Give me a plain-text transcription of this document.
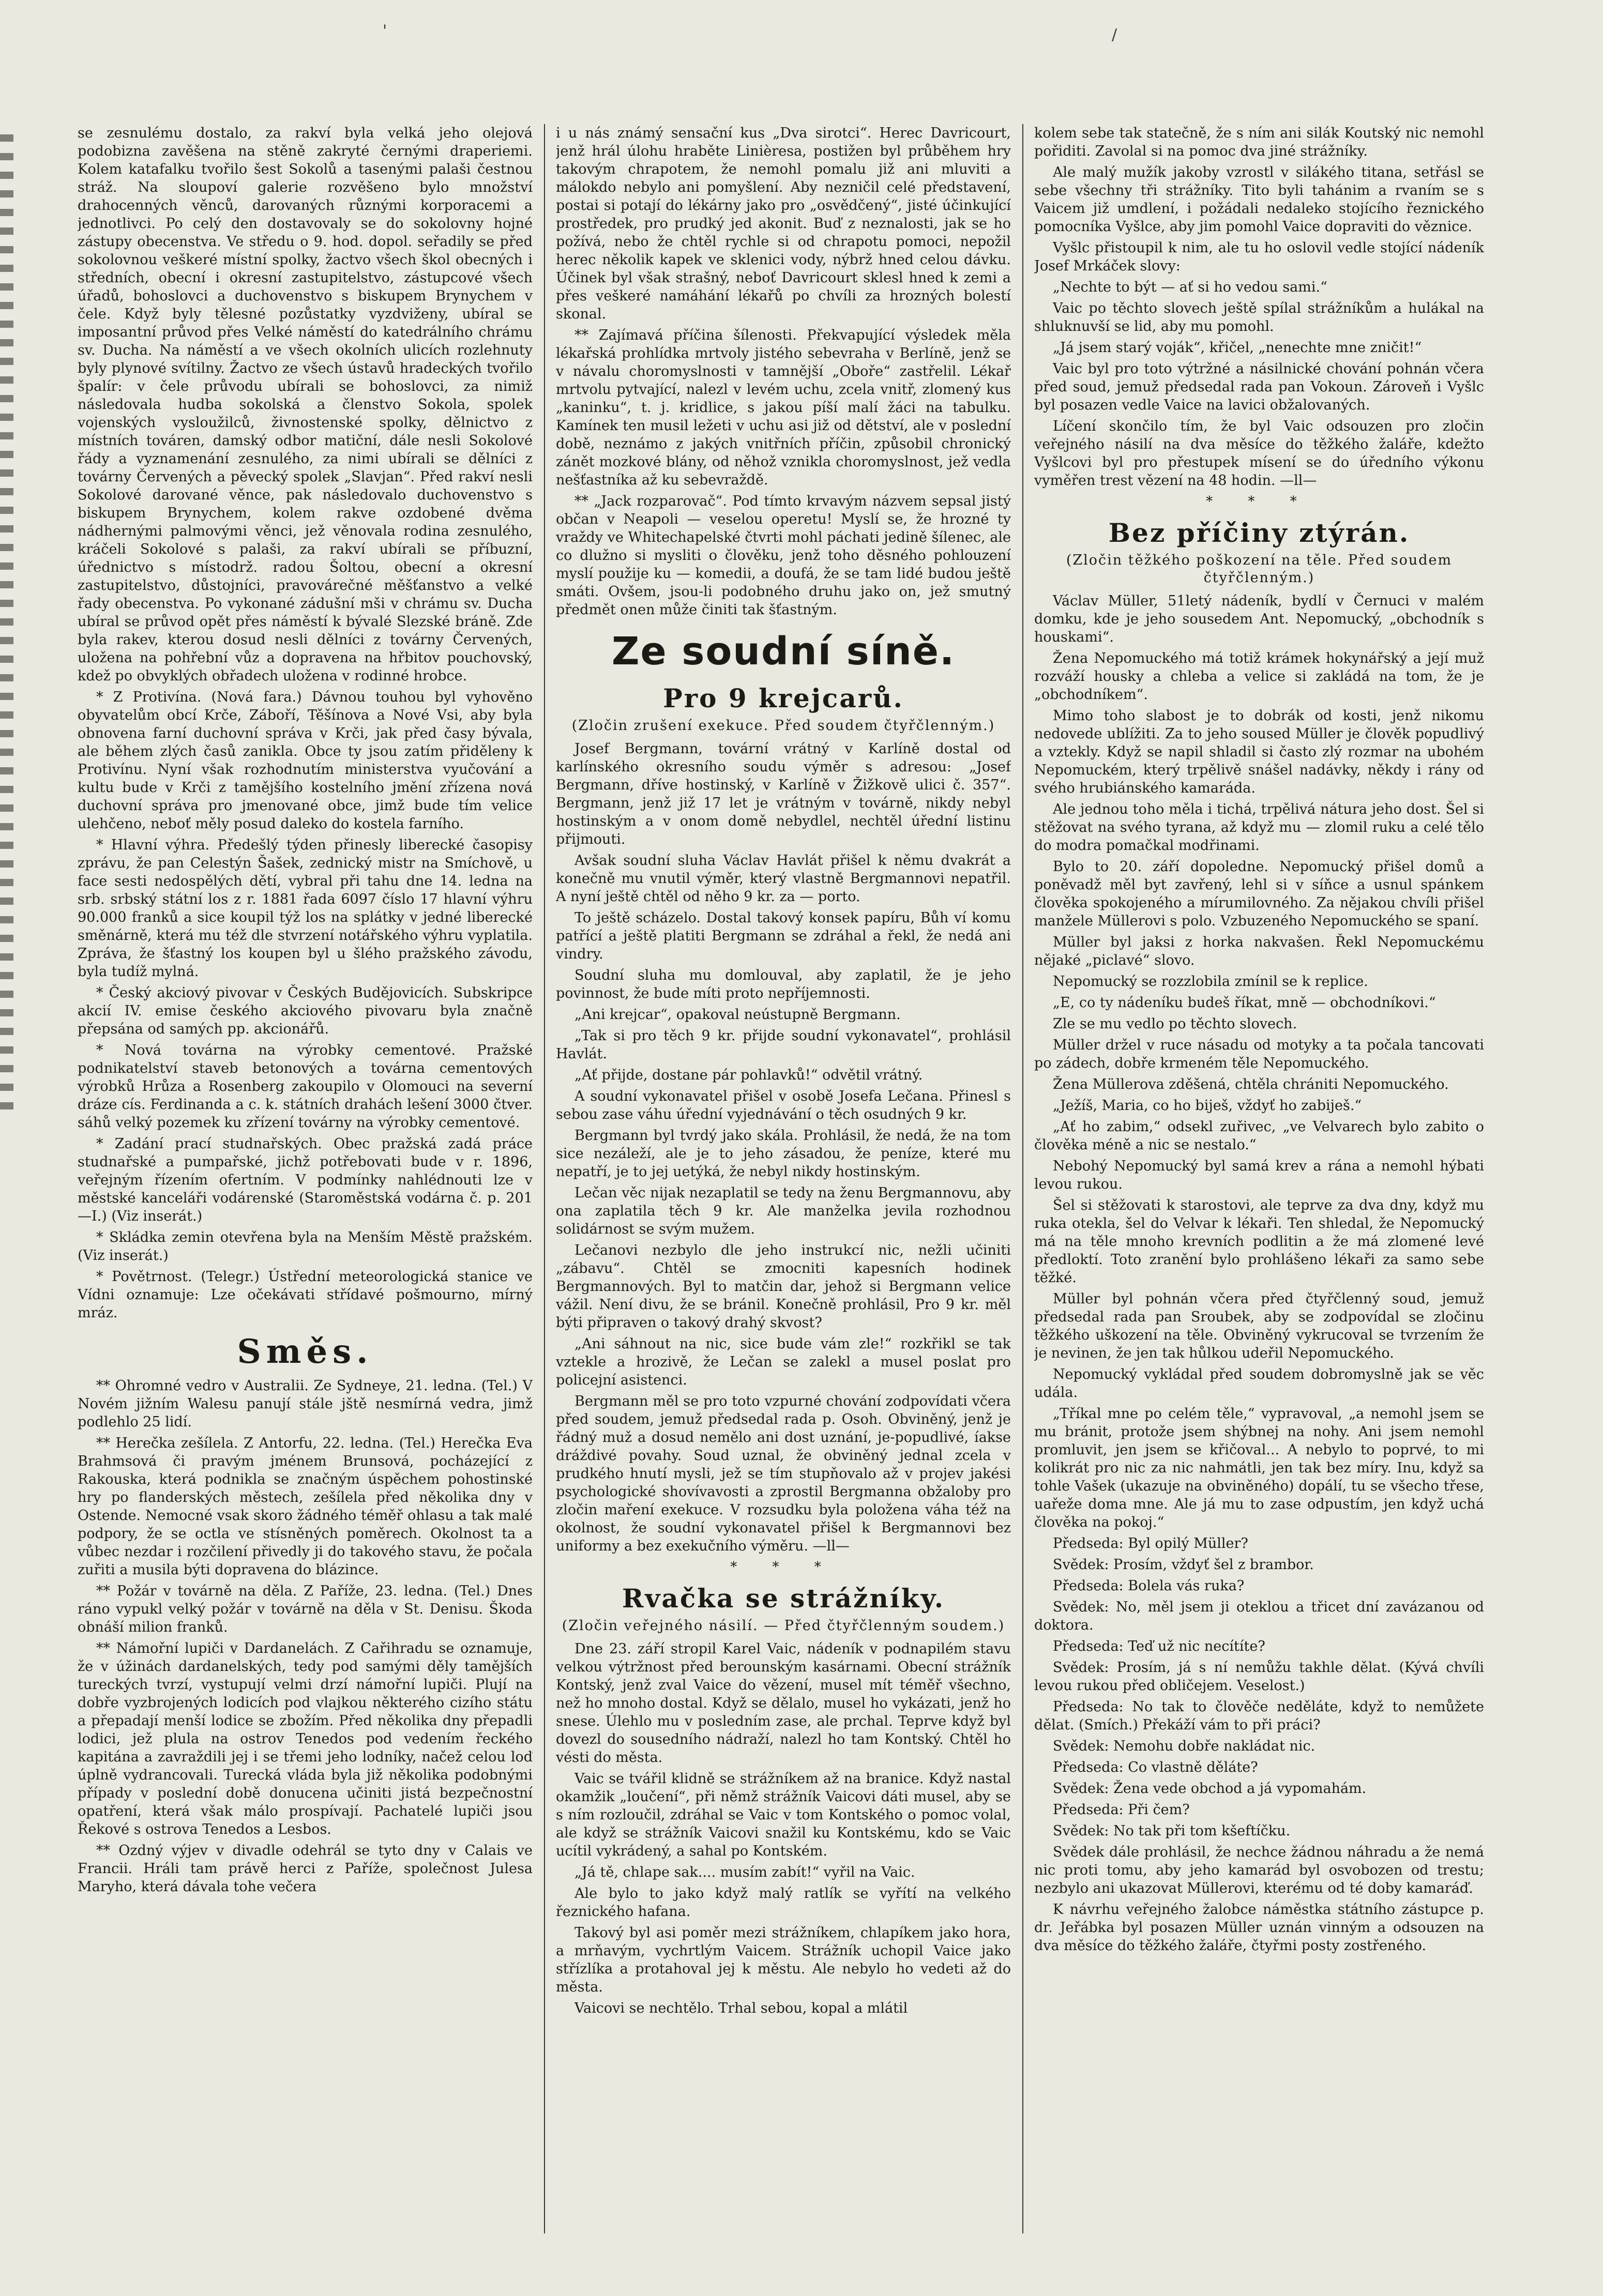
'	/

se zesnulému dostalo, za rakví byla velká jeho olejová podobizna zavěšena na stěně zakryté černými draperiemi. Kolem katafalku tvořilo šest Sokolů a tasenými palaši čestnou stráž. Na sloupoví galerie rozvěšeno bylo množství drahocenných věnců, darovaných různými korporacemi a jednotlivci. Po celý den dostavovaly se do sokolovny hojné zástupy obecenstva. Ve středu o 9. hod. dopol. seřadily se před sokolovnou veškeré místní spolky, žactvo všech škol obecných i středních, obecní i okresní zastupitelstvo, zástupcové všech úřadů, bohoslovci a duchovenstvo s biskupem Brynychem v čele. Když byly tělesné pozůstatky vyzdviženy, ubíral se imposantní průvod přes Velké náměstí do katedrálního chrámu sv. Ducha. Na náměstí a ve všech okolních ulicích rozlehnuty byly plynové svítilny. Žactvo ze všech ústavů hradeckých tvořilo špalír: v čele průvodu ubírali se bohoslovci, za nimiž následovala hudba sokolská a členstvo Sokola, spolek vojenských vysloužilců, živnostenské spolky, dělnictvo z místních továren, damský odbor matiční, dále nesli Sokolové řády a vyznamenání zesnulého, za nimi ubírali se dělníci z továrny Červených a pěvecký spolek „Slavjan“. Před rakví nesli Sokolové darované věnce, pak následovalo duchovenstvo s biskupem Brynychem, kolem rakve ozdobené dvěma nádhernými palmovými věnci, jež věnovala rodina zesnulého, kráčeli Sokolové s palaši, za rakví ubírali se příbuzní, úřednictvo s místodrž. radou Šoltou, obecní a okresní zastupitelstvo, důstojníci, pravovárečné měšťanstvo a velké řady obecenstva. Po vykonané zádušní mši v chrámu sv. Ducha ubíral se průvod opět přes náměstí k bývalé Slezské bráně. Zde byla rakev, kterou dosud nesli dělníci z továrny Červených, uložena na pohřební vůz a dopravena na hřbitov pouchovský, kdež po obvyklých obřadech uložena v rodinné hrobce.

* Z Protivína. (Nová fara.) Dávnou touhou byl vyhověno obyvatelům obcí Krče, Záboří, Těšínova a Nové Vsi, aby byla obnovena farní duchovní správa v Krči, jak před časy bývala, ale během zlých časů zanikla. Obce ty jsou zatím přiděleny k Protivínu. Nyní však rozhodnutím ministerstva vyučování a kultu bude v Krči z tamějšího kostelního jmění zřízena nová duchovní správa pro jmenované obce, jimž bude tím velice ulehčeno, neboť měly posud daleko do kostela farního.

* Hlavní výhra. Předešlý týden přinesly liberecké časopisy zprávu, že pan Celestýn Šašek, zednický mistr na Smíchově, u face sesti nedospělých dětí, vybral při tahu dne 14. ledna na srb. srbský státní los z r. 1881 řada 6097 číslo 17 hlavní výhru 90.000 franků a sice koupil týž los na splátky v jedné liberecké směnárně, která mu též dle stvrzení notářského výhru vyplatila. Zpráva, že šťastný los koupen byl u šlého pražského závodu, byla tudíž mylná.

* Český akciový pivovar v Českých Budějovicích. Subskripce akcií IV. emise českého akciového pivovaru byla značně přepsána od samých pp. akcionářů.

* Nová továrna na výrobky cementové. Pražské podnikatelství staveb betonových a továrna cementových výrobků Hrůza a Rosenberg zakoupilo v Olomouci na severní dráze cís. Ferdinanda a c. k. státních drahách lešení 3000 čtver. sáhů velký pozemek ku zřízení továrny na výrobky cementové.

* Zadání prací studnařských. Obec pražská zadá práce studnařské a pumpařské, jichž potřebovati bude v r. 1896, veřejným řízením ofertním. V podmínky nahlédnouti lze v městské kanceláři vodárenské (Staroměstská vodárna č. p. 201—I.) (Viz inserát.)

* Skládka zemin otevřena byla na Menším Městě pražském. (Viz inserát.)

* Povětrnost. (Telegr.) Ústřední meteorologická stanice ve Vídni oznamuje: Lze očekávati střídavé pošmourno, mírný mráz.

Směs.

** Ohromné vedro v Australii. Ze Sydneye, 21. ledna. (Tel.) V Novém jižním Walesu panují stále jště nesmírná vedra, jimž podlehlo 25 lidí.

** Herečka zešílela. Z Antorfu, 22. ledna. (Tel.) Herečka Eva Brahmsová či pravým jménem Brunsová, pocházející z Rakouska, která podnikla se značným úspěchem pohostinské hry po flanderských městech, zešílela před několika dny v Ostende. Nemocné vsak skoro žádného téměř ohlasu a tak malé podpory, že se octla ve stísněných poměrech. Okolnost ta a vůbec nezdar i rozčilení přivedly ji do takového stavu, že počala zuřiti a musila býti dopravena do blázince.

** Požár v továrně na děla. Z Paříže, 23. ledna. (Tel.) Dnes ráno vypukl velký požár v továrně na děla v St. Denisu. Škoda obnáší milion franků.

** Námořní lupiči v Dardanelách. Z Cařihradu se oznamuje, že v úžinách dardanelských, tedy pod samými děly tamějších tureckých tvrzí, vystupují velmi drzí námořní lupiči. Plují na dobře vyzbrojených lodicích pod vlajkou některého cizího státu a přepadají menší lodice se zbožím. Před několika dny přepadli lodici, jež plula na ostrov Tenedos pod vedením řeckého kapitána a zavraždili jej i se třemi jeho lodníky, načež celou loď úplně vydrancovali. Turecká vláda byla již několika podobnými případy v poslední době donucena učiniti jistá bezpečnostní opatření, která však málo prospívají. Pachatelé lupiči jsou Řekové s ostrova Tenedos a Lesbos.

** Ozdný výjev v divadle odehrál se tyto dny v Calais ve Francii. Hráli tam právě herci z Paříže, společnost Julesa Maryho, která dávala tohe večera

i u nás známý sensační kus „Dva sirotci“. Herec Davricourt, jenž hrál úlohu hraběte Linièresa, postižen byl průběhem hry takovým chrapotem, že nemohl pomalu již ani mluviti a málokdo nebylo ani pomyšlení. Aby nezničil celé představení, postai si potají do lékárny jako pro „osvědčený“, jisté účinkující prostředek, pro prudký jed akonit. Buď z neznalosti, jak se ho požívá, nebo že chtěl rychle si od chrapotu pomoci, nepožil herec několik kapek ve sklenici vody, nýbrž hned celou dávku. Účinek byl však strašný, neboť Davricourt sklesl hned k zemi a přes veškeré namáhání lékařů po chvíli za hrozných bolestí skonal.

** Zajímavá příčina šílenosti. Překvapující výsledek měla lékařská prohlídka mrtvoly jistého sebevraha v Berlíně, jenž se v návalu choromyslnosti v tamnější „Oboře“ zastřelil. Lékař mrtvolu pytvající, nalezl v levém uchu, zcela vnitř, zlomený kus „kaninku“, t. j. kridlice, s jakou píší malí žáci na tabulku. Kamínek ten musil ležeti v uchu asi již od dětství, ale v poslední době, neznámo z jakých vnitřních příčin, způsobil chronický zánět mozkové blány, od něhož vznikla choromyslnost, jež vedla nešťastníka až ku sebevraždě.

** „Jack rozparovač“. Pod tímto krvavým názvem sepsal jistý občan v Neapoli — veselou operetu! Myslí se, že hrozné ty vraždy ve Whitechapelské čtvrti mohl páchati jedině šílenec, ale co dlužno si mysliti o člověku, jenž toho děsného pohlouzení myslí použije ku — komedii, a doufá, že se tam lidé budou ještě smáti. Ovšem, jsou-li podobného druhu jako on, jež smutný předmět onen může činiti tak šťastným.

Ze soudní síně.
Pro 9 krejcarů.
(Zločin zrušení exekuce. Před soudem čtyřčlenným.)

Josef Bergmann, tovární vrátný v Karlíně dostal od karlínského okresního soudu výměr s adresou: „Josef Bergmann, dříve hostinský, v Karlíně v Žižkově ulici č. 357“. Bergmann, jenž již 17 let je vrátným v továrně, nikdy nebyl hostinským a v onom domě nebydlel, nechtěl úřední listinu přijmouti.

Avšak soudní sluha Václav Havlát přišel k němu dvakrát a konečně mu vnutil výměr, který vlastně Bergmannovi nepatřil. A nyní ještě chtěl od něho 9 kr. za — porto.

To ještě scházelo. Dostal takový konsek papíru, Bůh ví komu patřící a ještě platiti Bergmann se zdráhal a řekl, že nedá ani vindry.

Soudní sluha mu domlouval, aby zaplatil, že je jeho povinnost, že bude míti proto nepříjemnosti.

„Ani krejcar“, opakoval neústupně Bergmann.

„Tak si pro těch 9 kr. přijde soudní vykonavatel“, prohlásil Havlát.

„Ať přijde, dostane pár pohlavků!“ odvětil vrátný.

A soudní vykonavatel přišel v osobě Josefa Lečana. Přinesl s sebou zase váhu úřední vyjednávání o těch osudných 9 kr.

Bergmann byl tvrdý jako skála. Prohlásil, že nedá, že na tom sice nezáleží, ale je to jeho zásadou, že peníze, které mu nepatří, je to jej uetýká, že nebyl nikdy hostinským.

Lečan věc nijak nezaplatil se tedy na ženu Bergmannovu, aby ona zaplatila těch 9 kr. Ale manželka jevila rozhodnou solidárnost se svým mužem.

Lečanovi nezbylo dle jeho instrukcí nic, nežli učiniti „zábavu“. Chtěl se zmocniti kapesních hodinek Bergmannových. Byl to matčin dar, jehož si Bergmann velice vážil. Není divu, že se bránil. Konečně prohlásil, Pro 9 kr. měl býti připraven o takový drahý skvost?

„Ani sáhnout na nic, sice bude vám zle!“ rozkřikl se tak vztekle a hrozivě, že Lečan se zalekl a musel poslat pro policejní asistenci.

Bergmann měl se pro toto vzpurné chování zodpovídati včera před soudem, jemuž předsedal rada p. Osoh. Obviněný, jenž je řádný muž a dosud nemělo ani dost uznání, je-popudlivé, íakse dráždivé povahy. Soud uznal, že obviněný jednal zcela v prudkého hnutí mysli, jež se tím stupňovalo až v projev jakési psychologické shovívavosti a zprostil Bergmanna obžaloby pro zločin maření exekuce. V rozsudku byla položena váha též na okolnost, že soudní vykonavatel přišel k Bergmannovi bez uniformy a bez exekučního výměru. —ll—

* * *
Rvačka se strážníky.
(Zločin veřejného násilí. — Před čtyřčlenným soudem.)

Dne 23. září stropil Karel Vaic, nádeník v podnapilém stavu velkou výtržnost před berounským kasárnami. Obecní strážník Kontský, jenž zval Vaice do vězení, musel mít téměř všechno, než ho mnoho dostal. Když se dělalo, musel ho vykázati, jenž ho snese. Úlehlo mu v posledním zase, ale prchal. Teprve když byl dovezl do sousedního nádraží, nalezl ho tam Kontský. Chtěl ho vésti do města.

Vaic se tvářil klidně se strážníkem až na branice. Když nastal okamžik „loučení“, při němž strážník Vaicovi dáti musel, aby se s ním rozloučil, zdráhal se Vaic v tom Kontského o pomoc volal, ale když se strážník Vaicovi snažil ku Kontskému, kdo se Vaic ucítil vykrádený, a sahal po Kontském.

„Já tě, chlape sak.... musím zabít!“ vyřil na Vaic.

Ale bylo to jako když malý ratlík se vyřítí na velkého řeznického hafana.

Takový byl asi poměr mezi strážníkem, chlapíkem jako hora, a mrňavým, vychrtlým Vaicem. Strážník uchopil Vaice jako střízlíka a protahoval jej k městu. Ale nebylo ho vedeti až do města.

Vaicovi se nechtělo. Trhal sebou, kopal a mlátil

kolem sebe tak statečně, že s ním ani silák Koutský nic nemohl pořiditi. Zavolal si na pomoc dva jiné strážníky.

Ale malý mužík jakoby vzrostl v silákého titana, setřásl se sebe všechny tři strážníky. Tito byli tahánim a rvaním se s Vaicem již umdlení, i požádali nedaleko stojícího řeznického pomocníka Vyšlce, aby jim pomohl Vaice dopraviti do věznice.

Vyšlc přistoupil k nim, ale tu ho oslovil vedle stojící nádeník Josef Mrkáček slovy:

„Nechte to být — ať si ho vedou sami.“

Vaic po těchto slovech ještě spílal strážníkům a hulákal na shluknuvší se lid, aby mu pomohl.

„Já jsem starý voják“, křičel, „nenechte mne zničit!“

Vaic byl pro toto výtržné a násilnické chování pohnán včera před soud, jemuž předsedal rada pan Vokoun. Zároveň i Vyšlc byl posazen vedle Vaice na lavici obžalovaných.

Líčení skončilo tím, že byl Vaic odsouzen pro zločin veřejného násilí na dva měsíce do těžkého žaláře, kdežto Vyšlcovi byl pro přestupek mísení se do úředního výkonu vyměřen trest vězení na 48 hodin. —ll—

* * *
Bez příčiny ztýrán.
(Zločin těžkého poškození na těle. Před soudem čtyřčlenným.)

Václav Müller, 51letý nádeník, bydlí v Černuci v malém domku, kde je jeho sousedem Ant. Nepomucký, „obchodník s houskami“.

Žena Nepomuckého má totiž krámek hokynářský a její muž rozváží housky a chleba a velice si zakládá na tom, že je „obchodníkem“.

Mimo toho slabost je to dobrák od kosti, jenž nikomu nedovede ublížiti. Za to jeho soused Müller je člověk popudlivý a vztekly. Když se napil shladil si často zlý rozmar na ubohém Nepomuckém, který trpělivě snášel nadávky, někdy i rány od svého hrubiánského kamaráda.

Ale jednou toho měla i tichá, trpělivá nátura jeho dost. Šel si stěžovat na svého tyrana, až když mu — zlomil ruku a celé tělo do modra pomačkal modřinami.

Bylo to 20. září dopoledne. Nepomucký přišel domů a poněvadž měl byt zavřený, lehl si v síňce a usnul spánkem člověka spokojeného a mírumilovného. Za nějakou chvíli přišel manžele Müllerovi s polo. Vzbuzeného Nepomuckého se spaní.

Müller byl jaksi z horka nakvašen. Řekl Nepomuckému nějaké „piclavé“ slovo.

Nepomucký se rozzlobila zmínil se k replice.

„E, co ty nádeníku budeš říkat, mně — obchodníkovi.“

Zle se mu vedlo po těchto slovech.

Müller držel v ruce násadu od motyky a ta počala tancovati po zádech, dobře krmeném těle Nepomuckého.

Žena Müllerova zděšená, chtěla chrániti Nepomuckého.

„Ježíš, Maria, co ho biješ, vždyť ho zabiješ.“

„Ať ho zabim,“ odsekl zuřivec, „ve Velvarech bylo zabito o člověka méně a nic se nestalo.“

Nebohý Nepomucký byl samá krev a rána a nemohl hýbati levou rukou.

Šel si stěžovati k starostovi, ale teprve za dva dny, když mu ruka otekla, šel do Velvar k lékaři. Ten shledal, že Nepomucký má na těle mnoho krevních podlitin a že má zlomené levé předloktí. Toto zranění bylo prohlášeno lékaři za samo sebe těžké.

Müller byl pohnán včera před čtyřčlenný soud, jemuž předsedal rada pan Sroubek, aby se zodpovídal se zločinu těžkého uškození na těle. Obviněný vykrucoval se tvrzením že je nevinen, že jen tak hůlkou udeřil Nepomuckého.

Nepomucký vykládal před soudem dobromyslně jak se věc udála.

„Tříkal mne po celém těle,“ vypravoval, „a nemohl jsem se mu bránit, protože jsem shýbnej na nohy. Ani jsem nemohl promluvit, jen jsem se křičoval... A nebylo to poprvé, to mi kolikrát pro nic za nic nahmátli, jen tak bez míry. Inu, když sa tohle Vašek (ukazuje na obviněného) dopálí, tu se všecho třese, uařeže doma mne. Ale já mu to zase odpustím, jen když uchá člověka na pokoj.“

Předseda: Byl opilý Müller?

Svědek: Prosím, vždyť šel z brambor.

Předseda: Bolela vás ruka?

Svědek: No, měl jsem ji oteklou a třicet dní zavázanou od doktora.

Předseda: Teď už nic necítíte?

Svědek: Prosím, já s ní nemůžu takhle dělat. (Kývá chvíli levou rukou před obličejem. Veselost.)

Předseda: No tak to člověče neděláte, když to nemůžete dělat. (Smích.) Překáží vám to při práci?

Svědek: Nemohu dobře nakládat nic.

Předseda: Co vlastně děláte?

Svědek: Žena vede obchod a já vypomahám.

Předseda: Při čem?

Svědek: No tak při tom kšeftíčku.

Svědek dále prohlásil, že nechce žádnou náhradu a že nemá nic proti tomu, aby jeho kamarád byl osvobozen od trestu; nezbylo ani ukazovat Müllerovi, kterému od té doby kamaráď.

K návrhu veřejného žalobce náměstka státního zástupce p. dr. Jeřábka byl posazen Müller uznán vinným a odsouzen na dva měsíce do těžkého žaláře, čtyřmi posty zostřeného.
